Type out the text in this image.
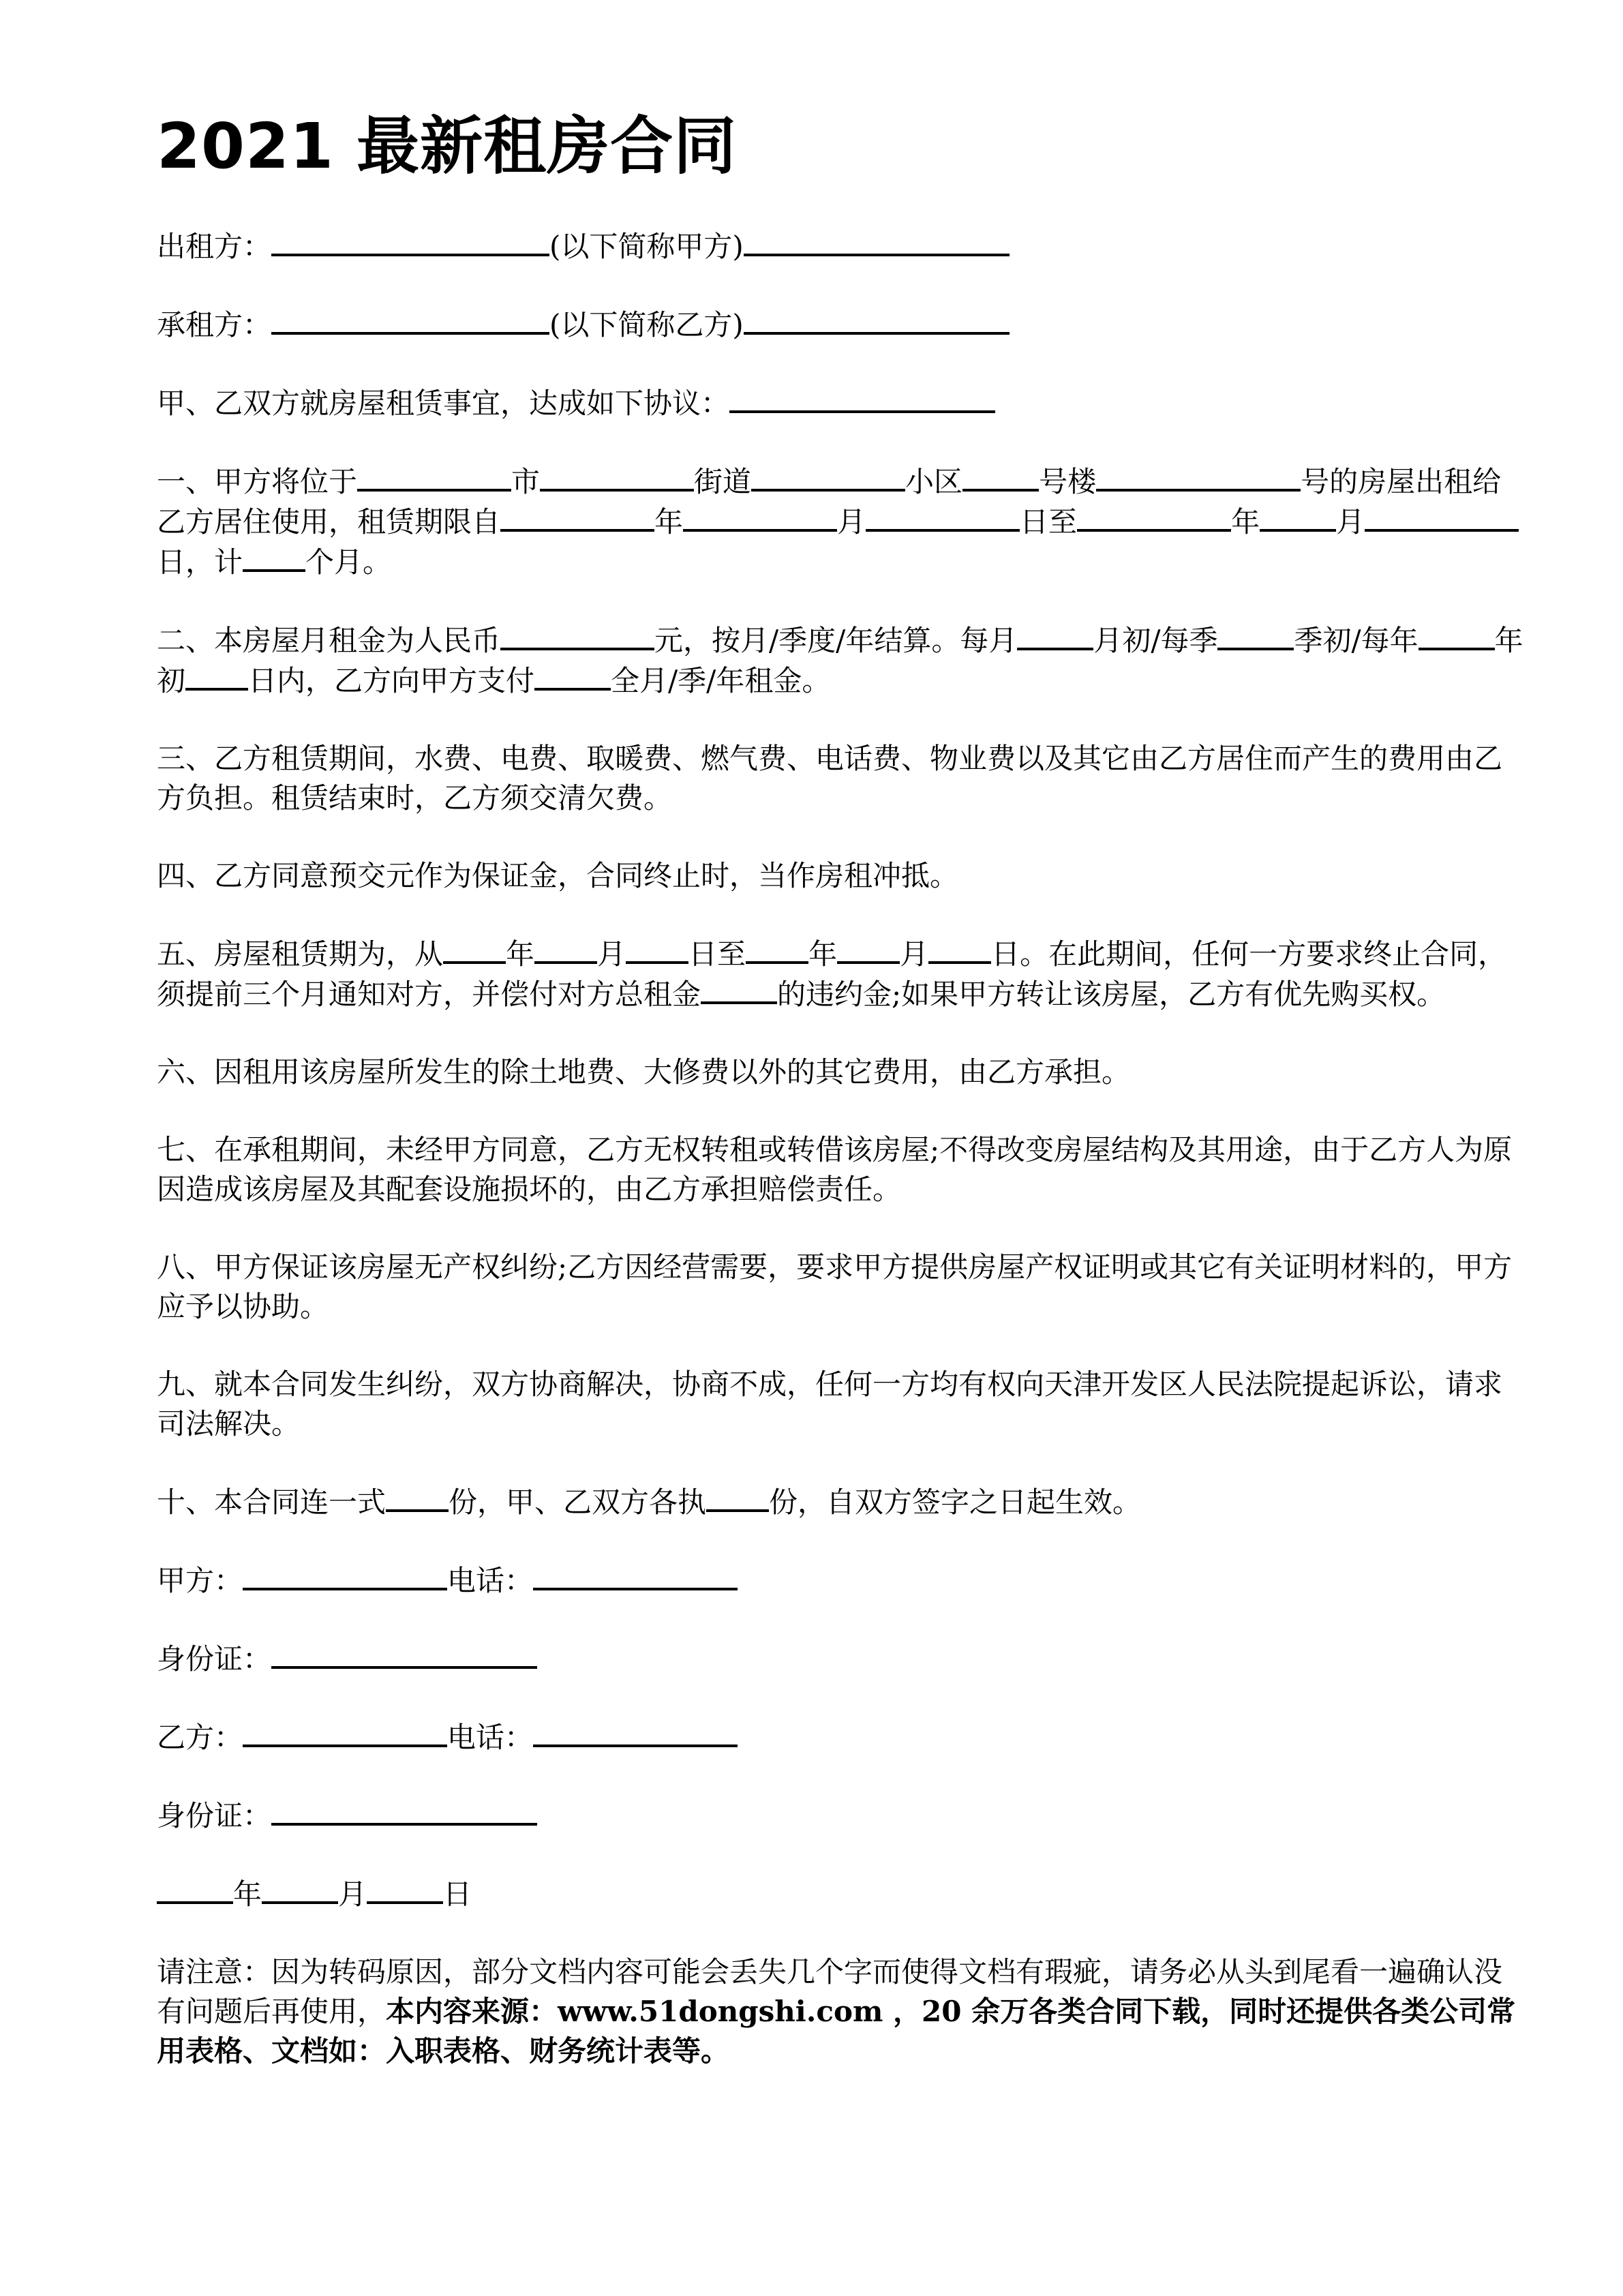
2021 最新租房合同

出租方：	(以下简称甲方)

承租方：	(以下简称乙方)

甲、乙双方就房屋租赁事宜，达成如下协议：

一、甲方将位于	市	街道	小区	号楼	号的房屋出租给乙方居住使用，租赁期限自	年	月	日至	年	月日，计 个月。

二、本房屋月租金为人民币	元，按月/季度/年结算。每月	月初/每季	季初/每年	年初 日内，乙方向甲方支付	全月/季/年租金。

三、乙方租赁期间，水费、电费、取暖费、燃气费、电话费、物业费以及其它由乙方居住而产生的费用由乙方负担。租赁结束时，乙方须交清欠费。

四、乙方同意预交元作为保证金，合同终止时，当作房租冲抵。

五、房屋租赁期为，从 年 月 日至 年 月 日。在此期间，任何一方要求终止合同，须提前三个月通知对方，并偿付对方总租金	的违约金;如果甲方转让该房屋，乙方有优先购买权。

六、因租用该房屋所发生的除土地费、大修费以外的其它费用，由乙方承担。

七、在承租期间，未经甲方同意，乙方无权转租或转借该房屋;不得改变房屋结构及其用途，由于乙方人为原因造成该房屋及其配套设施损坏的，由乙方承担赔偿责任。

八、甲方保证该房屋无产权纠纷;乙方因经营需要，要求甲方提供房屋产权证明或其它有关证明材料的，甲方应予以协助。

九、就本合同发生纠纷，双方协商解决，协商不成，任何一方均有权向天津开发区人民法院提起诉讼，请求司法解决。

十、本合同连一式 份，甲、乙双方各执 份，自双方签字之日起生效。

甲方：	电话：

身份证：

乙方：	电话：

身份证：

年	月	日

请注意：因为转码原因，部分文档内容可能会丢失几个字而使得文档有瑕疵，请务必从头到尾看一遍确认没有问题后再使用，本内容来源：www.51dongshi.com ，20 余万各类合同下载，同时还提供各类公司常用表格、文档如：入职表格、财务统计表等。
